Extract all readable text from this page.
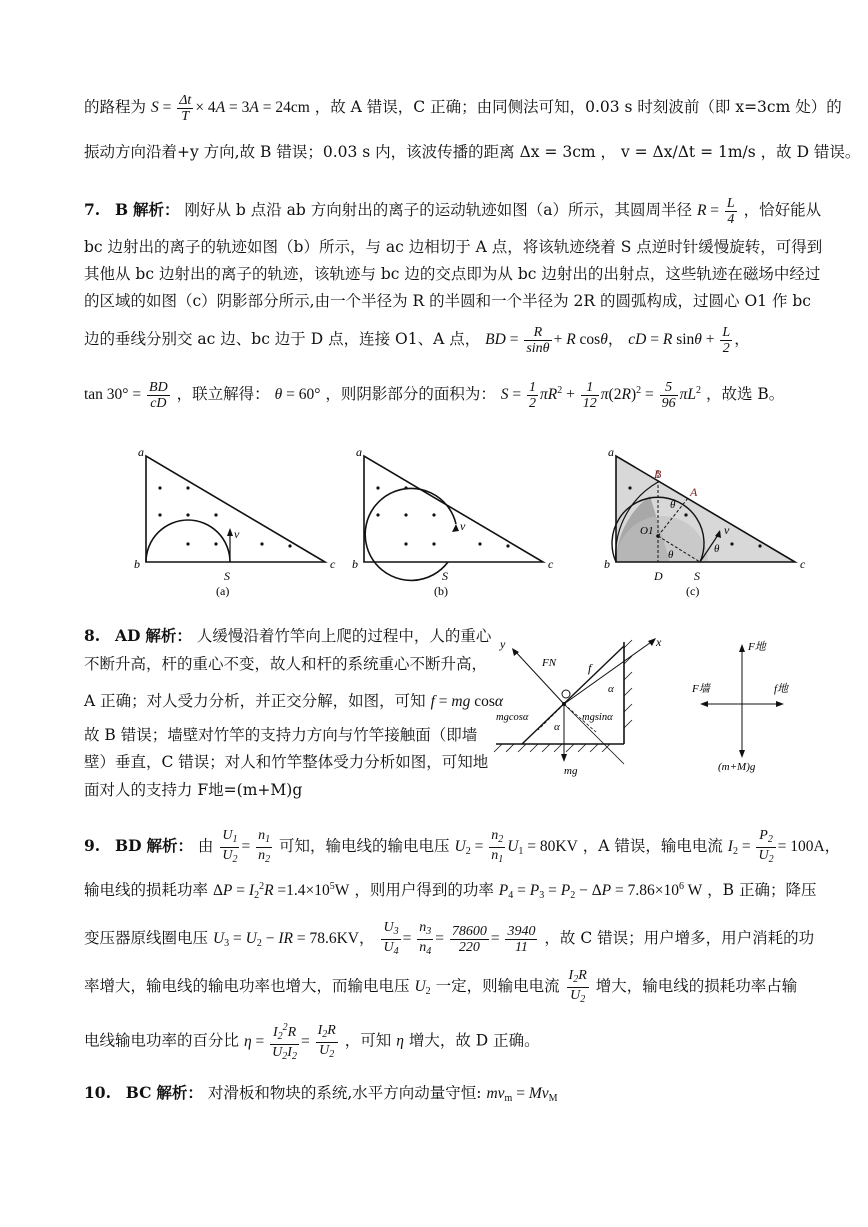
的路程为 $S = \frac{\Delta t}{T} \times 4A = 3A = 24cm$ ，故 A 错误，C 正确；由同侧法可知，0.03 s 时刻波前（即 x=3cm 处）的
振动方向沿着+y 方向,故 B 错误；0.03 s 内，该波传播的距离 Δx = 3cm ， v = Δx/Δt = 1m/s ，故 D 错误。
7. B 解析： 刚好从 b 点沿 ab 方向射出的离子的运动轨迹如图（a）所示，其圆周半径 $R = \frac{L}{4}$ ，恰好能从
bc 边射出的离子的轨迹如图（b）所示，与 ac 边相切于 A 点，将该轨迹绕着 S 点逆时针缓慢旋转，可得到
其他从 bc 边射出的离子的轨迹，该轨迹与 bc 边的交点即为从 bc 边射出的出射点，这些轨迹在磁场中经过
的区域的如图（c）阴影部分所示,由一个半径为 R 的半圆和一个半径为 2R 的圆弧构成，过圆心 O1 作 bc
边的垂线分别交 ac 边、bc 边于 D 点，连接 O1、A 点， BD = $\frac{R}{\sin\theta} + R$ cosθ， cD = R $\sin\theta + \frac{L}{2}$ ，
$\tan 30^\circ = \frac{BD}{cD}$ ，联立解得： θ = 60° ，则阴影部分的面积为： $S = \frac{1}{2} \pi R^2 + \frac{1}{12} \pi(2R)^2 = \frac{5}{96} \pi L^2$ ，故选 B。
a
b	c
S
v
(a)
a
b	c
S
v
(b)
a
b	c
S
v
B
A
O1
D
θ
θ	θ
(c)
8. AD 解析： 人缓慢沿着竹竿向上爬的过程中，人的重心
不断升高，杆的重心不变，故人和杆的系统重心不断升高，
A 正确；对人受力分析，并正交分解，如图，可知 f = mg cosα
故 B 错误；墙壁对竹竿的支持力方向与竹竿接触面（即墙
壁）垂直，C 错误；对人和竹竿整体受力分析如图，可知地
面对人的支持力 F地=(m+M)g
y	x
FN	f
α
α
mgcosα	mgsinα
mg
F地
F墙	f地
(m+M)g
9. BD 解析： 由 $\frac{U_1}{U_2} = \frac{n_1}{n_2}$ 可知，输电线的输电电压 $U_2 = \frac{n_2}{n_1} U_1 = 80KV$ ，A 错误，输电电流 $I_2 = \frac{P_2}{U_2} = 100A$，
输电线的损耗功率 $\Delta P = I_2^2R =1.4\times 10^5W$ ，则用户得到的功率 $P_4 = P_3 = P_2 - \Delta P = 7.86\times 10^6$ W ，B 正确；降压
变压器原线圈电压 $U_3 = U_2$ − IR = 78.6KV， $\frac{U_3}{U_4} = \frac{n_3}{n_4} = \frac{78600}{220} = \frac{3940}{11}$ ，故 C 错误；用户增多，用户消耗的功
率增大，输电线的输电功率也增大，而输电电压 $U_2$ 一定，则输电电流 $\frac{I_2R}{U_2}$ 增大，输电线的损耗功率占输
电线输电功率的百分比 $\eta = \frac{I_2^2R}{U_2I_2} = \frac{I_2R}{U_2}$ ，可知 η 增大，故 D 正确。
10. BC 解析： 对滑板和物块的系统,水平方向动量守恒: $mv_m = Mv_M$
